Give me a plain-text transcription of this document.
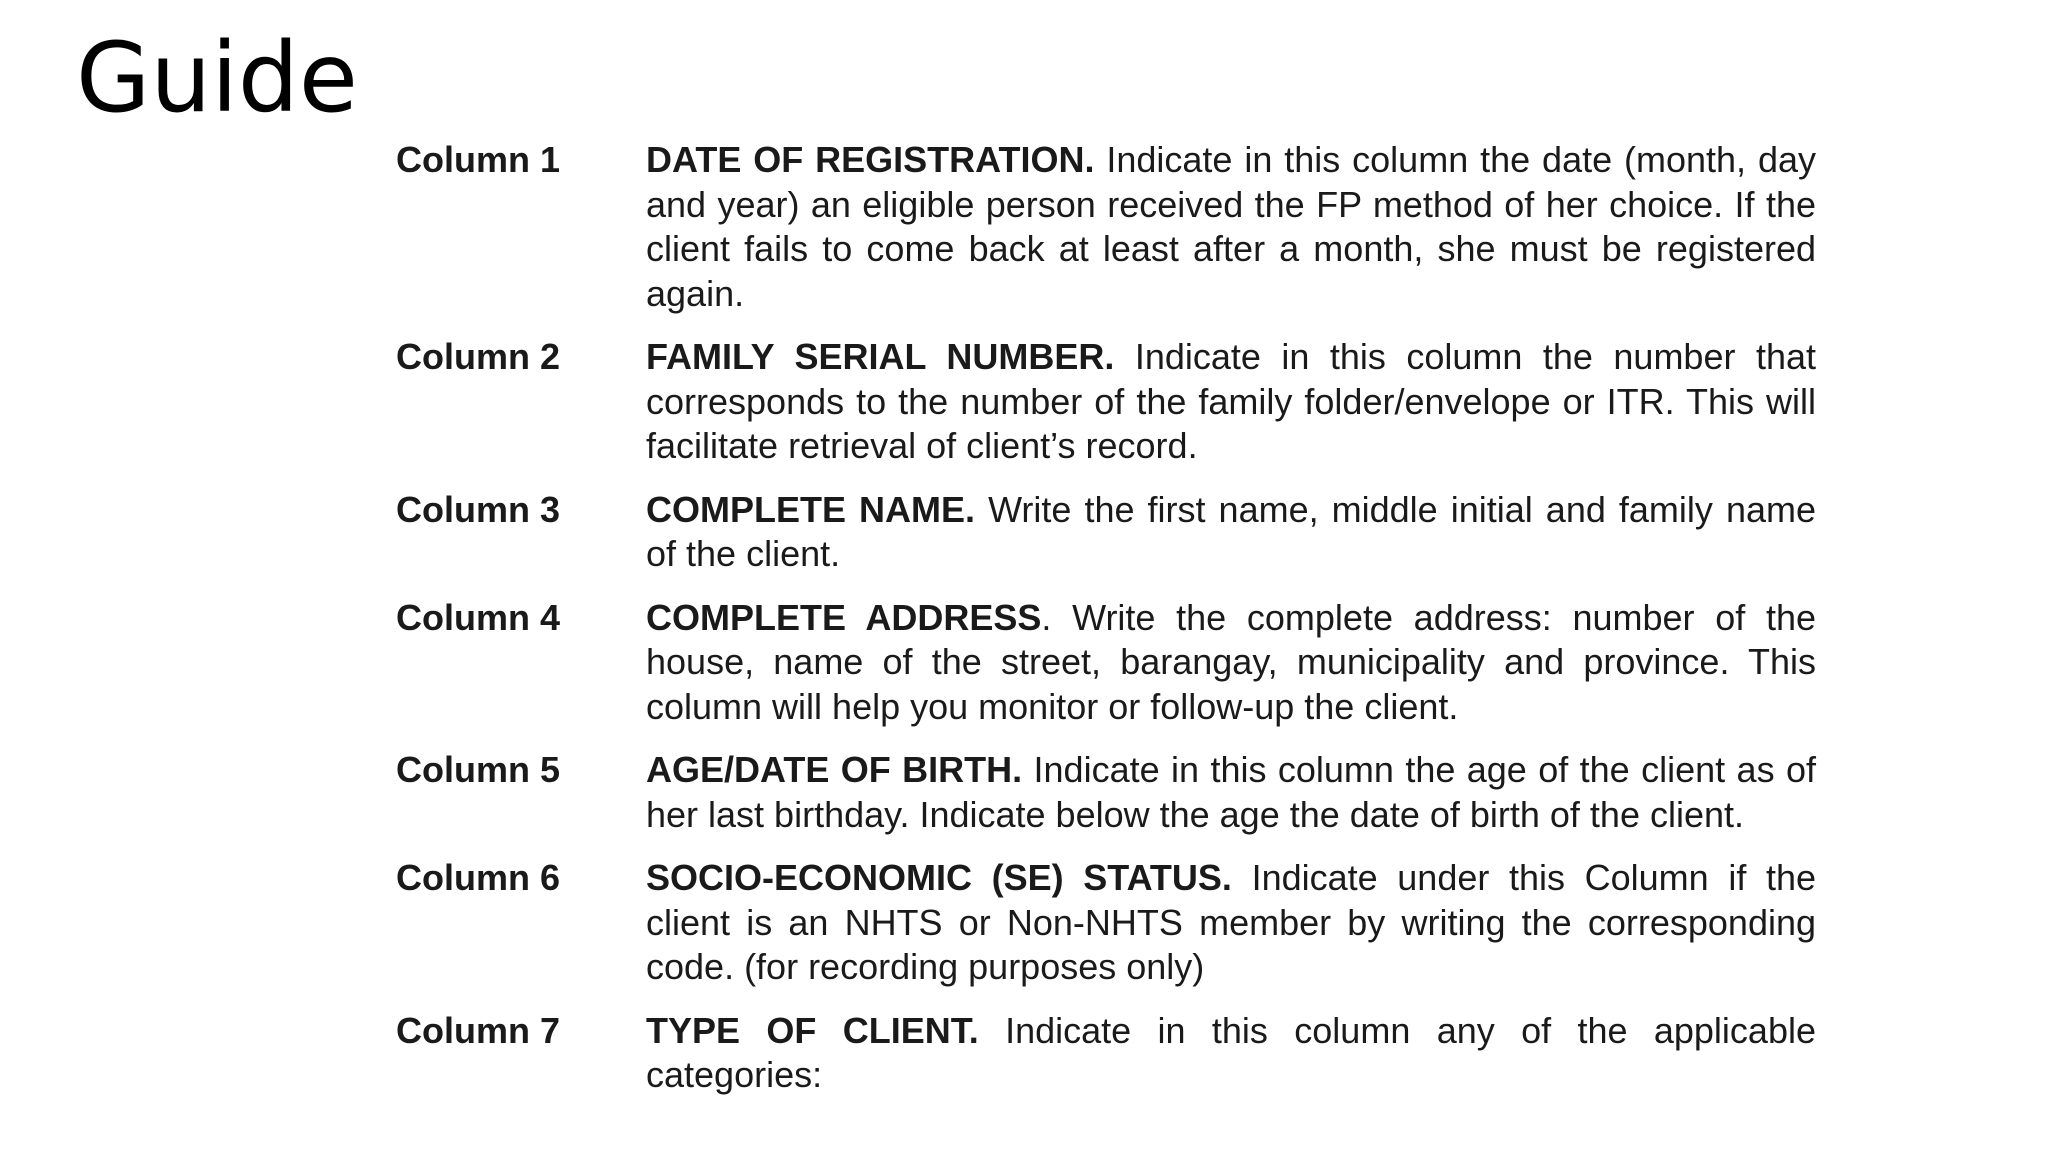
Guide
Column 1	DATE OF REGISTRATION. Indicate in this column the date (month, day and year) an eligible person received the FP method of her choice. If the client fails to come back at least after a month, she must be registered again.
Column 2	FAMILY SERIAL NUMBER. Indicate in this column the number that corresponds to the number of the family folder/envelope or ITR. This will facilitate retrieval of client’s record.
Column 3	COMPLETE NAME. Write the first name, middle initial and family name of the client.
Column 4	COMPLETE ADDRESS. Write the complete address: number of the house, name of the street, barangay, municipality and province. This column will help you monitor or follow-up the client.
Column 5	AGE/DATE OF BIRTH. Indicate in this column the age of the client as of her last birthday. Indicate below the age the date of birth of the client.
Column 6	SOCIO-ECONOMIC (SE) STATUS. Indicate under this Column if the client is an NHTS or Non-NHTS member by writing the corresponding code. (for recording purposes only)
Column 7	TYPE OF CLIENT. Indicate in this column any of the applicable categories:
